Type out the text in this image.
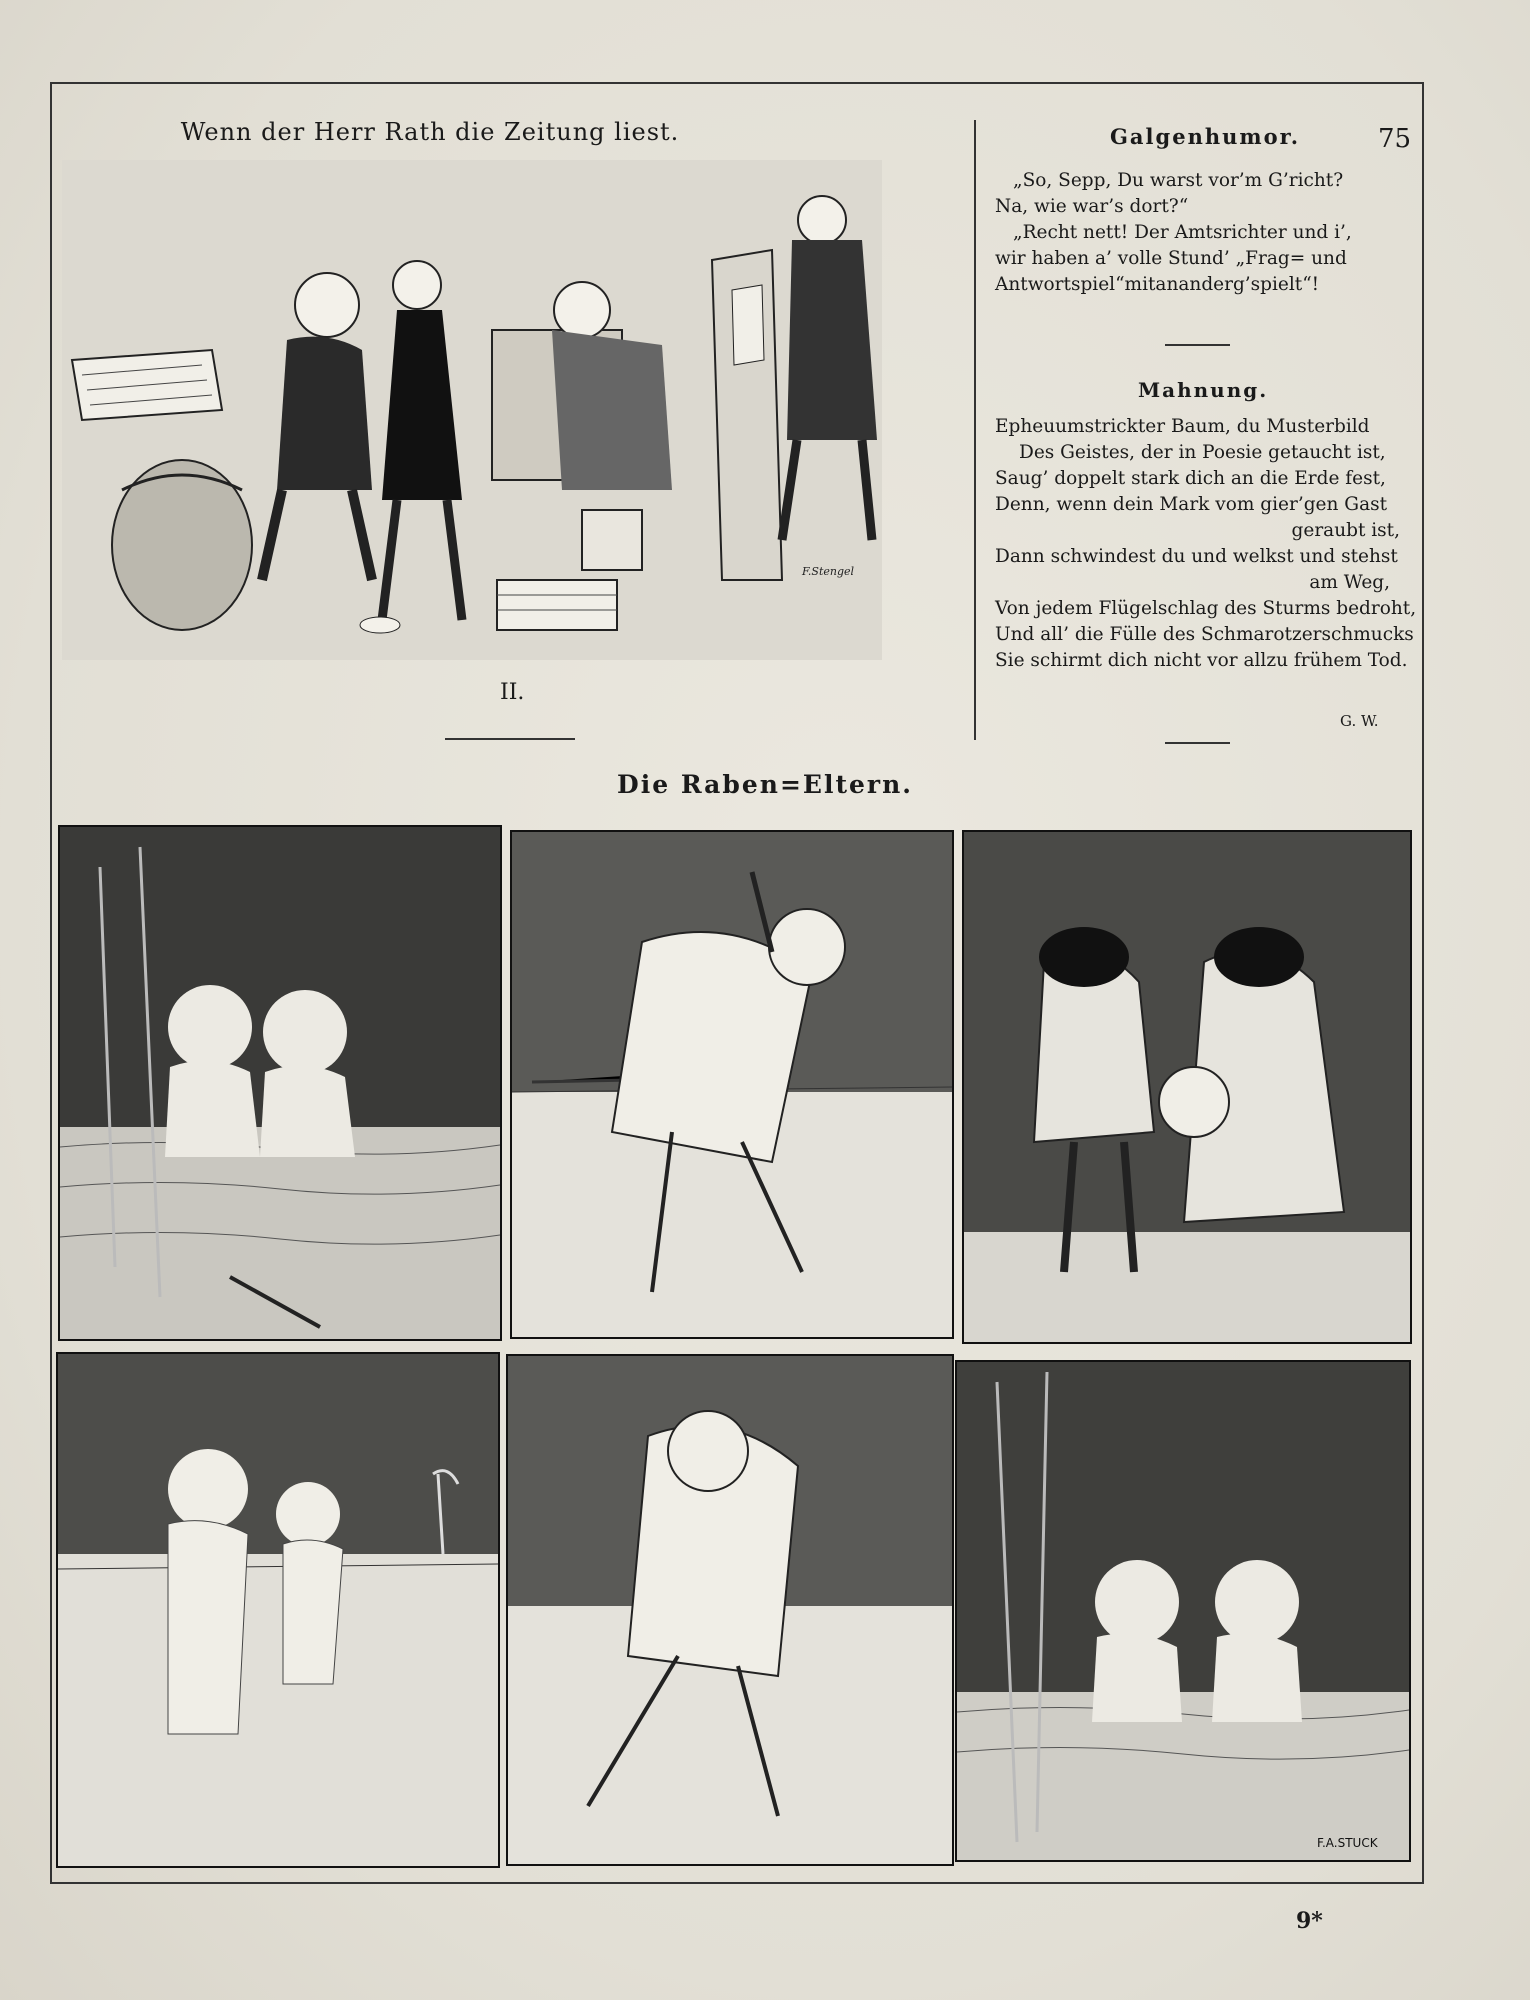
Wenn der Herr Rath die Zeitung liest.
F.Stengel
II.
Galgenhumor.	75
„So, Sepp, Du warst vor’m G’richt?
Na, wie war’s dort?“
„Recht nett! Der Amtsrichter und i’,
wir haben a’ volle Stund’ „Frag= und
Antwortspiel“mitananderg’spielt“!
Mahnung.
Epheuumstrickter Baum, du Musterbild
Des Geistes, der in Poesie getaucht ist,
Saug’ doppelt stark dich an die Erde fest,
Denn, wenn dein Mark vom gier’gen Gast
geraubt ist,
Dann schwindest du und welkst und stehst
am Weg,
Von jedem Flügelschlag des Sturms bedroht,
Und all’ die Fülle des Schmarotzerschmucks
Sie schirmt dich nicht vor allzu frühem Tod.
G. W.
Die Raben=Eltern.
F.A.STUCK
9*
